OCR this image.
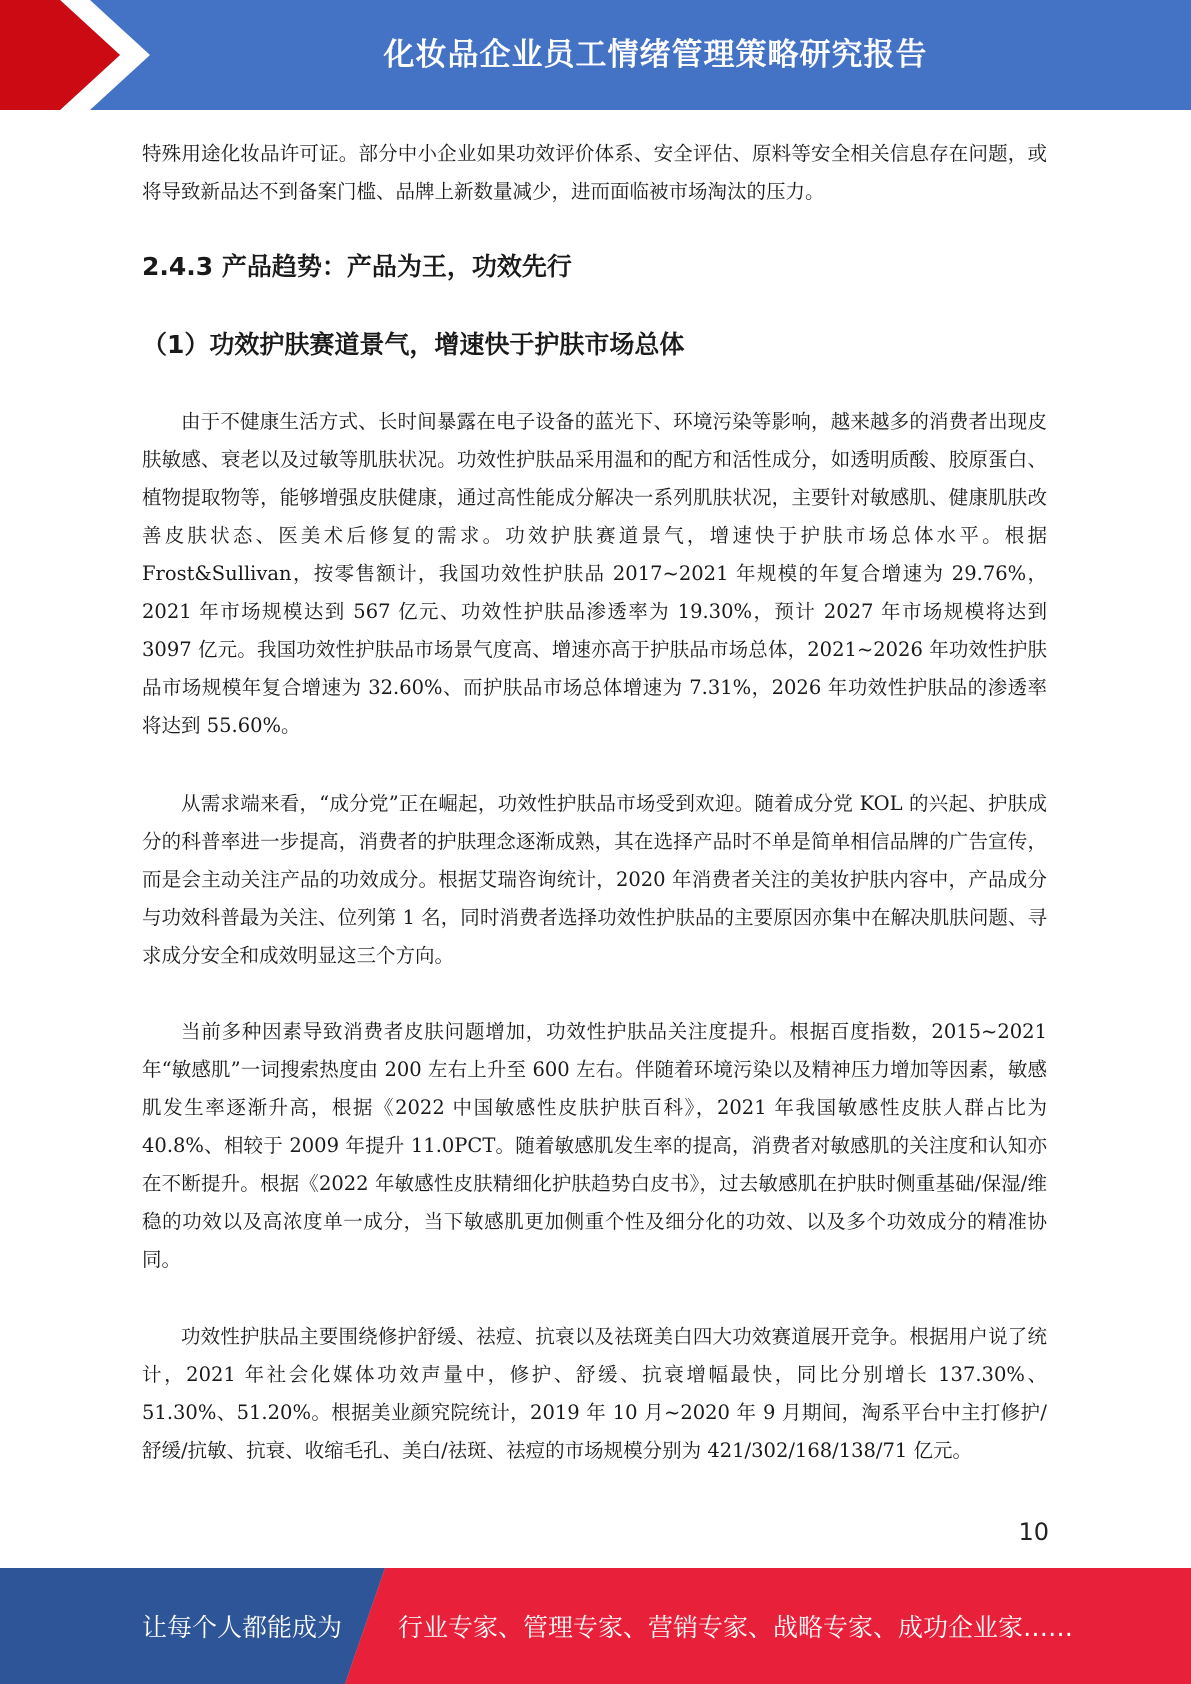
化妆品企业员工情绪管理策略研究报告

特殊用途化妆品许可证。部分中小企业如果功效评价体系、安全评估、原料等安全相关信息存在问题，或将导致新品达不到备案门槛、品牌上新数量减少，进而面临被市场淘汰的压力。

2.4.3 产品趋势：产品为王，功效先行
（1）功效护肤赛道景气，增速快于护肤市场总体

由于不健康生活方式、长时间暴露在电子设备的蓝光下、环境污染等影响，越来越多的消费者出现皮肤敏感、衰老以及过敏等肌肤状况。功效性护肤品采用温和的配方和活性成分，如透明质酸、胶原蛋白、植物提取物等，能够增强皮肤健康，通过高性能成分解决一系列肌肤状况，主要针对敏感肌、健康肌肤改善皮肤状态、医美术后修复的需求。功效护肤赛道景气，增速快于护肤市场总体水平。根据 Frost&Sullivan，按零售额计，我国功效性护肤品 2017~2021 年规模的年复合增速为 29.76%，2021 年市场规模达到 567 亿元、功效性护肤品渗透率为 19.30%，预计 2027 年市场规模将达到 3097 亿元。我国功效性护肤品市场景气度高、增速亦高于护肤品市场总体，2021~2026 年功效性护肤品市场规模年复合增速为 32.60%、而护肤品市场总体增速为 7.31%，2026 年功效性护肤品的渗透率将达到 55.60%。

从需求端来看，“成分党”正在崛起，功效性护肤品市场受到欢迎。随着成分党 KOL 的兴起、护肤成分的科普率进一步提高，消费者的护肤理念逐渐成熟，其在选择产品时不单是简单相信品牌的广告宣传，而是会主动关注产品的功效成分。根据艾瑞咨询统计，2020 年消费者关注的美妆护肤内容中，产品成分与功效科普最为关注、位列第 1 名，同时消费者选择功效性护肤品的主要原因亦集中在解决肌肤问题、寻求成分安全和成效明显这三个方向。

当前多种因素导致消费者皮肤问题增加，功效性护肤品关注度提升。根据百度指数，2015~2021 年“敏感肌”一词搜索热度由 200 左右上升至 600 左右。伴随着环境污染以及精神压力增加等因素，敏感肌发生率逐渐升高，根据《2022 中国敏感性皮肤护肤百科》，2021 年我国敏感性皮肤人群占比为 40.8%、相较于 2009 年提升 11.0PCT。随着敏感肌发生率的提高，消费者对敏感肌的关注度和认知亦在不断提升。根据《2022 年敏感性皮肤精细化护肤趋势白皮书》，过去敏感肌在护肤时侧重基础/保湿/维稳的功效以及高浓度单一成分，当下敏感肌更加侧重个性及细分化的功效、以及多个功效成分的精准协同。

功效性护肤品主要围绕修护舒缓、祛痘、抗衰以及祛斑美白四大功效赛道展开竞争。根据用户说了统计，2021 年社会化媒体功效声量中，修护、舒缓、抗衰增幅最快，同比分别增长 137.30%、51.30%、51.20%。根据美业颜究院统计，2019 年 10 月~2020 年 9 月期间，淘系平台中主打修护/舒缓/抗敏、抗衰、收缩毛孔、美白/祛斑、祛痘的市场规模分别为 421/302/168/138/71 亿元。

10
让每个人都能成为 行业专家、管理专家、营销专家、战略专家、成功企业家……
